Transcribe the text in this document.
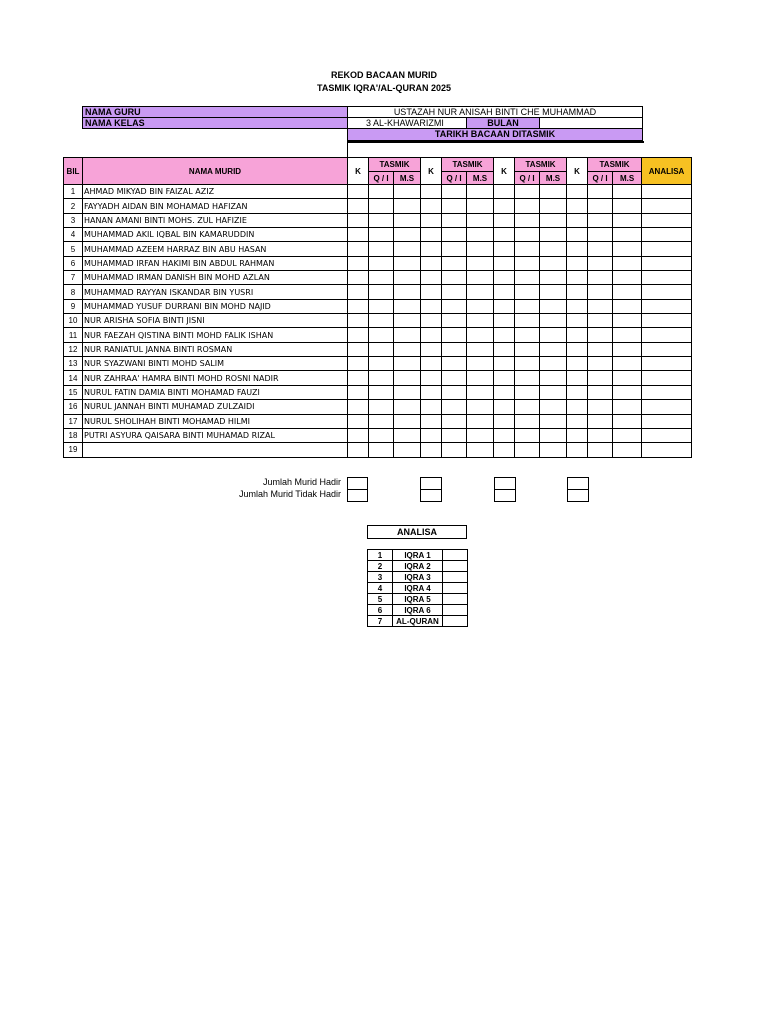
REKOD BACAAN MURID
TASMIK IQRA'/AL-QURAN 2025
NAMA GURU	USTAZAH NUR ANISAH BINTI CHE MUHAMMAD
NAMA KELAS	3 AL-KHAWARIZMI	BULAN
TARIKH BACAAN DITASMIK
BIL	NAMA MURID	K	TASMIK		K	TASMIK		K	TASMIK		K	TASMIK		ANALISA
			Q / I	M.S		Q / I	M.S		Q / I	M.S		Q / I	M.S	
1	AHMAD MIKYAD BIN FAIZAL AZIZ													
2	FAYYADH AIDAN BIN MOHAMAD HAFIZAN													
3	HANAN AMANI BINTI MOHS. ZUL HAFIZIE													
4	MUHAMMAD AKIL IQBAL BIN KAMARUDDIN													
5	MUHAMMAD AZEEM HARRAZ BIN ABU HASAN													
6	MUHAMMAD IRFAN HAKIMI BIN ABDUL RAHMAN													
7	MUHAMMAD IRMAN DANISH BIN MOHD AZLAN													
8	MUHAMMAD RAYYAN ISKANDAR BIN YUSRI													
9	MUHAMMAD YUSUF DURRANI BIN MOHD NAJID													
10	NUR ARISHA SOFIA BINTI JISNI													
11	NUR FAEZAH QISTINA BINTI MOHD FALIK ISHAN													
12	NUR RANIATUL JANNA BINTI ROSMAN													
13	NUR SYAZWANI BINTI MOHD SALIM													
14	NUR ZAHRAA' HAMRA BINTI MOHD ROSNI NADIR													
15	NURUL FATIN DAMIA BINTI MOHAMAD FAUZI													
16	NURUL JANNAH BINTI MUHAMAD ZULZAIDI													
17	NURUL SHOLIHAH BINTI MOHAMAD HILMI													
18	PUTRI ASYURA QAISARA BINTI MUHAMAD RIZAL													
19														
Jumlah Murid Hadir
Jumlah Murid Tidak Hadir
ANALISA
1	IQRA 1	
2	IQRA 2	
3	IQRA 3	
4	IQRA 4	
5	IQRA 5	
6	IQRA 6	
7	AL-QURAN	
